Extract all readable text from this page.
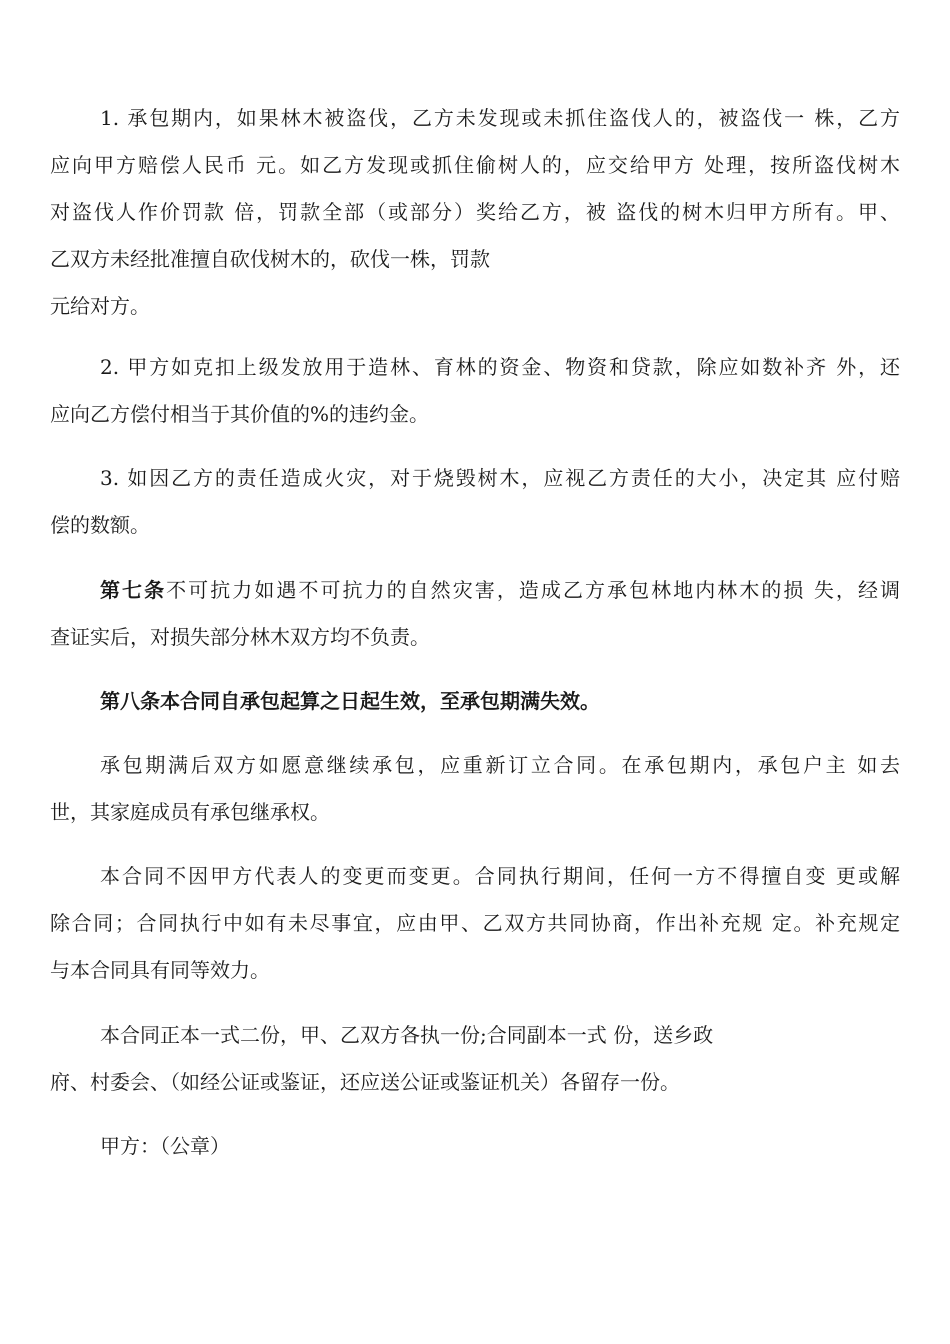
1. 承包期内，如果林木被盗伐，乙方未发现或未抓住盗伐人的，被盗伐一 株，乙方
应向甲方赔偿人民币 元。如乙方发现或抓住偷树人的，应交给甲方 处理，按所盗伐树木
对盗伐人作价罚款 倍，罚款全部（或部分）奖给乙方，被 盗伐的树木归甲方所有。甲、
乙双方未经批准擅自砍伐树木的，砍伐一株，罚款
元给对方。
2. 甲方如克扣上级发放用于造林、育林的资金、物资和贷款，除应如数补齐 外，还
应向乙方偿付相当于其价值的%的违约金。
3. 如因乙方的责任造成火灾，对于烧毁树木，应视乙方责任的大小，决定其 应付赔
偿的数额。
第七条不可抗力如遇不可抗力的自然灾害，造成乙方承包林地内林木的损 失，经调
查证实后，对损失部分林木双方均不负责。
第八条本合同自承包起算之日起生效，至承包期满失效。
承包期满后双方如愿意继续承包，应重新订立合同。在承包期内，承包户主 如去
世，其家庭成员有承包继承权。
本合同不因甲方代表人的变更而变更。合同执行期间，任何一方不得擅自变 更或解
除合同；合同执行中如有未尽事宜，应由甲、乙双方共同协商，作出补充规 定。补充规定
与本合同具有同等效力。
本合同正本一式二份，甲、乙双方各执一份;合同副本一式 份，送乡政
府、村委会、（如经公证或鉴证，还应送公证或鉴证机关）各留存一份。
甲方：（公章）
